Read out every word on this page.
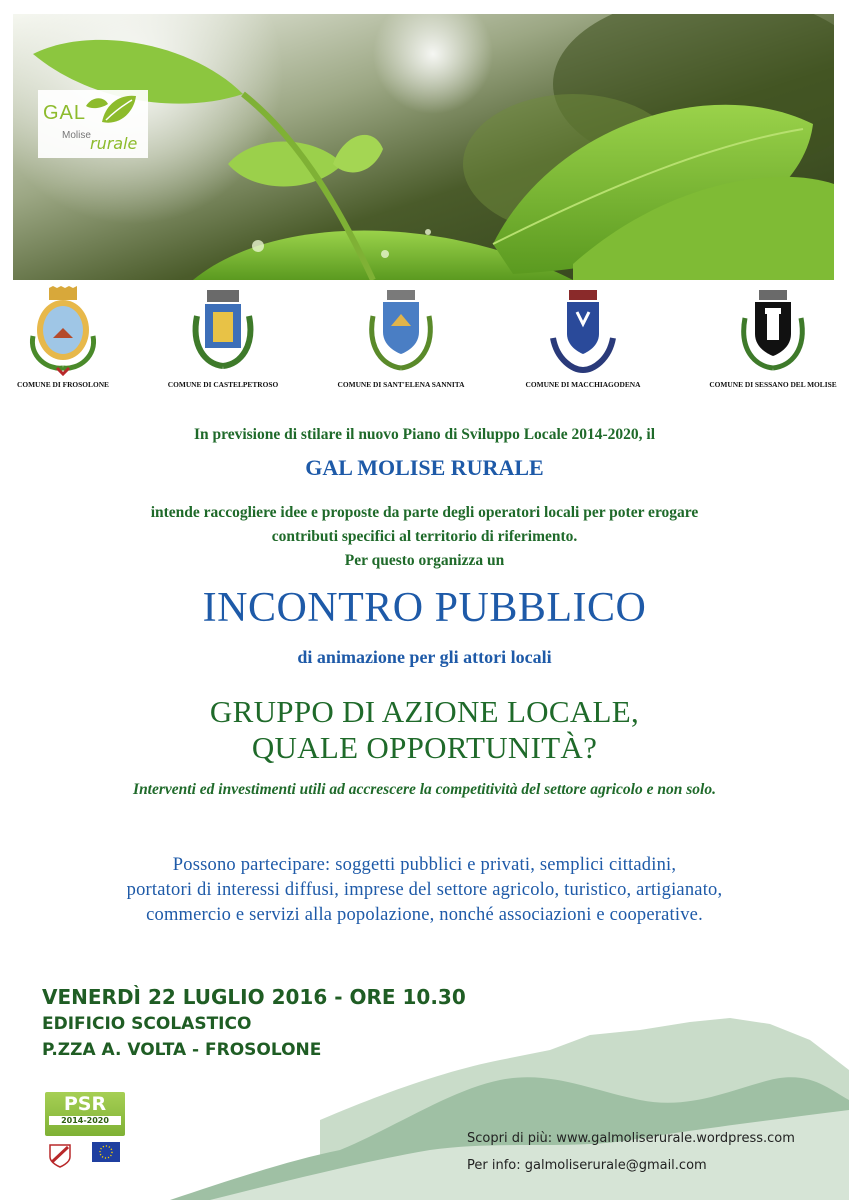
GAL
Molise rurale
COMUNE DI FROSOLONE	COMUNE DI CASTELPETROSO	COMUNE DI SANT'ELENA SANNITA	COMUNE DI MACCHIAGODENA	COMUNE DI SESSANO DEL MOLISE
In previsione di stilare il nuovo Piano di Sviluppo Locale 2014-2020, il
GAL MOLISE RURALE
intende raccogliere idee e proposte da parte degli operatori locali per poter erogare
contributi specifici al territorio di riferimento.
Per questo organizza un
INCONTRO PUBBLICO
di animazione per gli attori locali
GRUPPO DI AZIONE LOCALE,
QUALE OPPORTUNITÀ?
Interventi ed investimenti utili ad accrescere la competitività del settore agricolo e non solo.
Possono partecipare: soggetti pubblici e privati, semplici cittadini,
portatori di interessi diffusi, imprese del settore agricolo, turistico, artigianato,
commercio e servizi alla popolazione, nonché associazioni e cooperative.
VENERDÌ 22 LUGLIO 2016 - ORE 10.30
EDIFICIO SCOLASTICO
P.ZZA A. VOLTA - FROSOLONE
PSR
2014-2020
Scopri di più: www.galmoliserurale.wordpress.com
Per info: galmoliserurale@gmail.com
